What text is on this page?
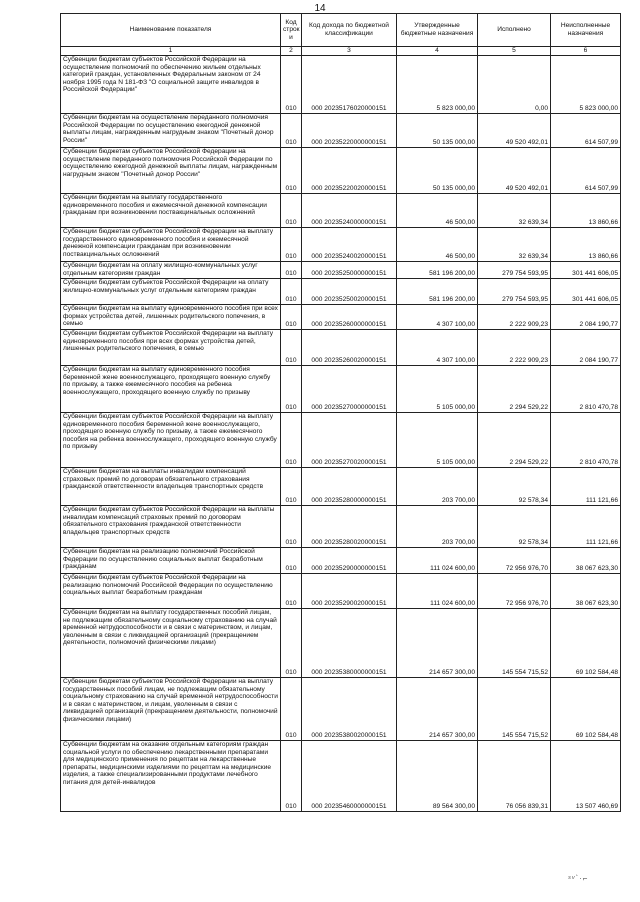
14
Наименование показателя	Код строк и	Код дохода по бюджетной классификации	Утвержденные бюджетные назначения	Исполнено	Неисполненные назначения
1	2	3	4	5	6
Субвенции бюджетам субъектов Российской Федерации на осуществление полномочий по обеспечению жильем отдельных категорий граждан, установленных Федеральным законом от 24 ноября 1995 года N 181-ФЗ "О социальной защите инвалидов в Российской Федерации"	010	000 20235176020000151	5 823 000,00	0,00	5 823 000,00
Субвенции бюджетам на осуществление переданного полномочия Российской Федерации по осуществлению ежегодной денежной выплаты лицам, награжденным нагрудным знаком "Почетный донор России"	010	000 20235220000000151	50 135 000,00	49 520 492,01	614 507,99
Субвенции бюджетам субъектов Российской Федерации на осуществление переданного полномочия Российской Федерации по осуществлению ежегодной денежной выплаты лицам, награжденным нагрудным знаком "Почетный донор России"	010	000 20235220020000151	50 135 000,00	49 520 492,01	614 507,99
Субвенции бюджетам на выплату государственного единовременного пособия и ежемесячной денежной компенсации гражданам при возникновении поствакцинальных осложнений	010	000 20235240000000151	46 500,00	32 639,34	13 860,66
Субвенции бюджетам субъектов Российской Федерации на выплату государственного единовременного пособия и ежемесячной денежной компенсации гражданам при возникновении поствакцинальных осложнений	010	000 20235240020000151	46 500,00	32 639,34	13 860,66
Субвенции бюджетам на оплату жилищно-коммунальных услуг отдельным категориям граждан	010	000 20235250000000151	581 196 200,00	279 754 593,95	301 441 606,05
Субвенции бюджетам субъектов Российской Федерации на оплату жилищно-коммунальных услуг отдельным категориям граждан	010	000 20235250020000151	581 196 200,00	279 754 593,95	301 441 606,05
Субвенции бюджетам на выплату единовременного пособия при всех формах устройства детей, лишенных родительского попечения, в семью	010	000 20235260000000151	4 307 100,00	2 222 909,23	2 084 190,77
Субвенции бюджетам субъектов Российской Федерации на выплату единовременного пособия при всех формах устройства детей, лишенных родительского попечения, в семью	010	000 20235260020000151	4 307 100,00	2 222 909,23	2 084 190,77
Субвенции бюджетам на выплату единовременного пособия беременной жене военнослужащего, проходящего военную службу по призыву, а также ежемесячного пособия на ребенка военнослужащего, проходящего военную службу по призыву	010	000 20235270000000151	5 105 000,00	2 294 529,22	2 810 470,78
Субвенции бюджетам субъектов Российской Федерации на выплату единовременного пособия беременной жене военнослужащего, проходящего военную службу по призыву, а также ежемесячного пособия на ребенка военнослужащего, проходящего военную службу по призыву	010	000 20235270020000151	5 105 000,00	2 294 529,22	2 810 470,78
Субвенции бюджетам на выплаты инвалидам компенсаций страховых премий по договорам обязательного страхования гражданской ответственности владельцев транспортных средств	010	000 20235280000000151	203 700,00	92 578,34	111 121,66
Субвенции бюджетам субъектов Российской Федерации на выплаты инвалидам компенсаций страховых премий по договорам обязательного страхования гражданской ответственности владельцев транспортных средств	010	000 20235280020000151	203 700,00	92 578,34	111 121,66
Субвенции бюджетам на реализацию полномочий Российской Федерации по осуществлению социальных выплат безработным гражданам	010	000 20235290000000151	111 024 600,00	72 956 976,70	38 067 623,30
Субвенции бюджетам субъектов Российской Федерации на реализацию полномочий Российской Федерации по осуществлению социальных выплат безработным гражданам	010	000 20235290020000151	111 024 600,00	72 956 976,70	38 067 623,30
Субвенции бюджетам на выплату государственных пособий лицам, не подлежащим обязательному социальному страхованию на случай временной нетрудоспособности и в связи с материнством, и лицам, уволенным в связи с ликвидацией организаций (прекращением деятельности, полномочий физическими лицами)	010	000 20235380000000151	214 657 300,00	145 554 715,52	69 102 584,48
Субвенции бюджетам субъектов Российской Федерации на выплату государственных пособий лицам, не подлежащим обязательному социальному страхованию на случай временной нетрудоспособности и в связи с материнством, и лицам, уволенным в связи с ликвидацией организаций (прекращением деятельности, полномочий физическими лицами)	010	000 20235380020000151	214 657 300,00	145 554 715,52	69 102 584,48
Субвенции бюджетам на оказание отдельным категориям граждан социальной услуги по обеспечению лекарственными препаратами для медицинского применения по рецептам на лекарственные препараты, медицинскими изделиями по рецептам на медицинские изделия, а также специализированными продуктами лечебного питания для детей-инвалидов	010	000 20235460000000151	89 564 300,00	76 056 839,31	13 507 460,69
ˢᵛ`·⌐
